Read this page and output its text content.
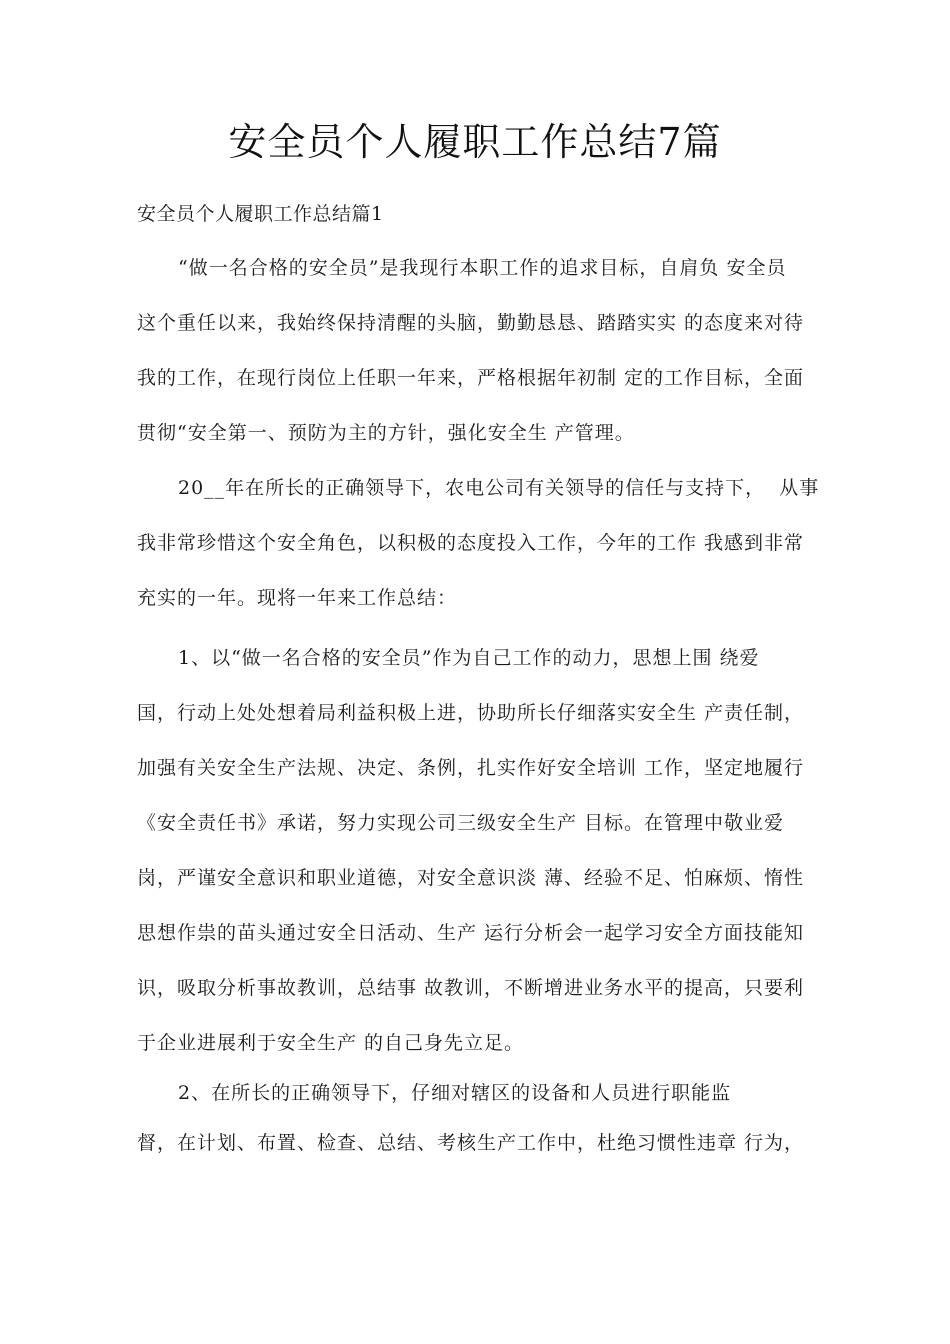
安全员个人履职工作总结7篇
安全员个人履职工作总结篇1
“做一名合格的安全员”是我现行本职工作的追求目标，自肩负 安全员
这个重任以来，我始终保持清醒的头脑，勤勤恳恳、踏踏实实 的态度来对待
我的工作，在现行岗位上任职一年来，严格根据年初制 定的工作目标，全面
贯彻“安全第一、预防为主的方针，强化安全生 产管理。
20__年在所长的正确领导下，农电公司有关领导的信任与支持下，  从事
我非常珍惜这个安全角色，以积极的态度投入工作，今年的工作 我感到非常
充实的一年。现将一年来工作总结：
1、以“做一名合格的安全员”作为自己工作的动力，思想上围 绕爱
国，行动上处处想着局利益积极上进，协助所长仔细落实安全生 产责任制，
加强有关安全生产法规、决定、条例，扎实作好安全培训 工作，坚定地履行
《安全责任书》承诺，努力实现公司三级安全生产 目标。在管理中敬业爱
岗，严谨安全意识和职业道德，对安全意识淡 薄、经验不足、怕麻烦、惰性
思想作祟的苗头通过安全日活动、生产 运行分析会一起学习安全方面技能知
识，吸取分析事故教训，总结事 故教训，不断增进业务水平的提高，只要利
于企业进展利于安全生产 的自己身先立足。
2、在所长的正确领导下，仔细对辖区的设备和人员进行职能监
督，在计划、布置、检查、总结、考核生产工作中，杜绝习惯性违章 行为，
